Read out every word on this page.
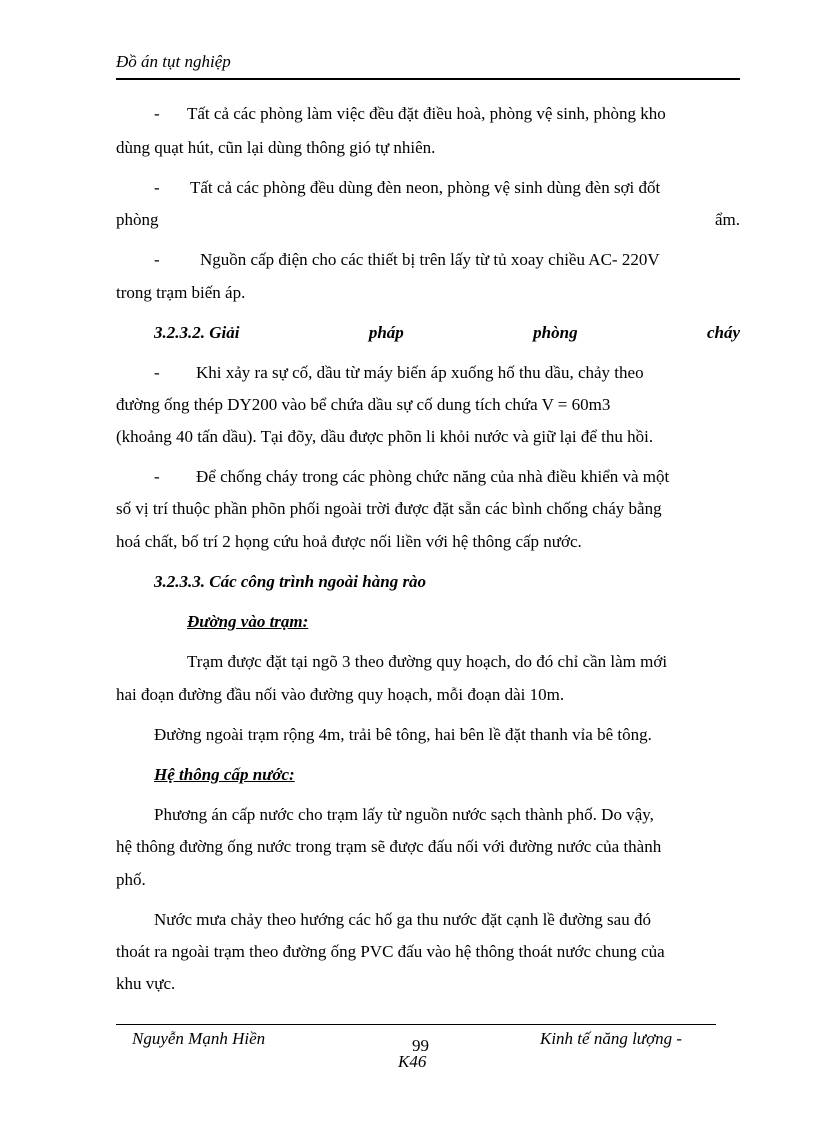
Đồ án tụt nghiệp
- Tất cả các phòng làm việc đều đặt điều hoà, phòng vệ sinh, phòng kho
dùng quạt hút, cũn lại dùng thông gió tự nhiên.
- Tất cả các phòng đều dùng đèn neon, phòng vệ sinh dùng đèn sợi đốt
phòng	ẩm.
- Nguồn cấp điện cho các thiết bị trên lấy từ tủ xoay chiều AC- 220V
trong trạm biến áp.
3.2.3.2. Giải	pháp	phòng	cháy
- Khi xảy ra sự cố, dầu từ máy biến áp xuống hố thu dầu, chảy theo
đường ống thép DY200 vào bể chứa dầu sự cố dung tích chứa V = 60m3
(khoảng 40 tấn dầu). Tại đõy, dầu được phõn li khỏi nước và giữ lại để thu hồi.
- Để chống cháy trong các phòng chức năng của nhà điều khiển và một
số vị trí thuộc phần phõn phối ngoài trời được đặt sẵn các bình chống cháy bằng
hoá chất, bố trí 2 họng cứu hoả được nối liền với hệ thông cấp nước.
3.2.3.3. Các công trình ngoài hàng rào
Đường vào trạm:
Trạm được đặt tại ngõ 3 theo đường quy hoạch, do đó chỉ cần làm mới
hai đoạn đường đầu nối vào đường quy hoạch, mỗi đoạn dài 10m.
Đường ngoài trạm rộng 4m, trải bê tông, hai bên lề đặt thanh vỉa bê tông.
Hệ thông cấp nước:
Phương án cấp nước cho trạm lấy từ nguồn nước sạch thành phố. Do vậy,
hệ thông đường ống nước trong trạm sẽ được đấu nối với đường nước của thành
phố.
Nước mưa chảy theo hướng các hố ga thu nước đặt cạnh lề đường sau đó
thoát ra ngoài trạm theo đường ống PVC đấu vào hệ thông thoát nước chung của
khu vực.
Nguyễn Mạnh Hiền	99	Kinh tế năng lượng -
K46
